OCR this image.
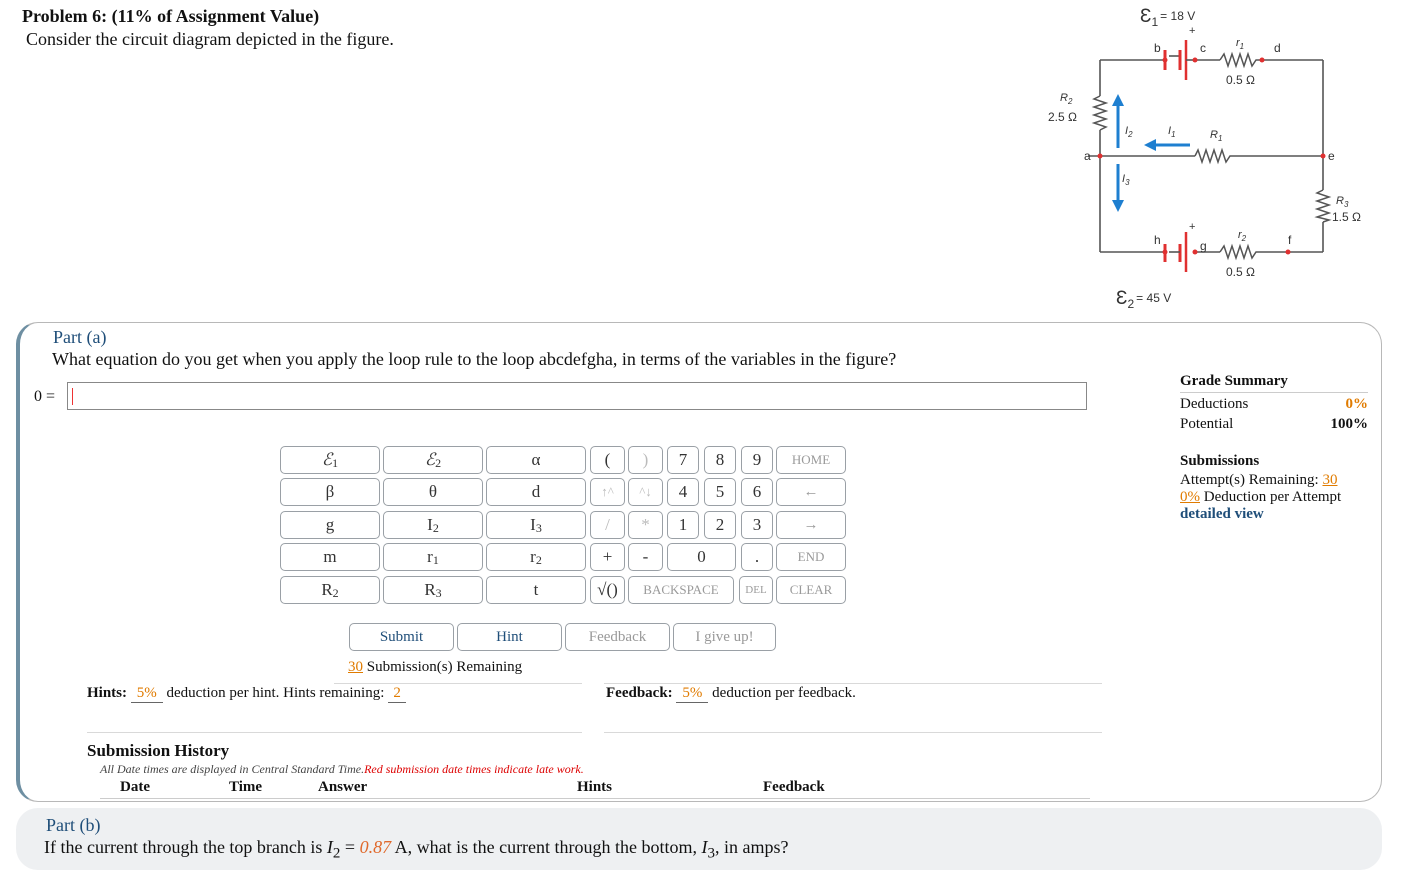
Problem 6: (11% of Assignment Value)
Consider the circuit diagram depicted in the figure.
$Ɛ_1$ $^{= 18 V}$
+
b	c	d
$r_1$
0.5 Ω
$R_2$
2.5 Ω
$I_2$	$I_1$	$R_1$
a	e
$I_3$
$R_3$
1.5 Ω
+
h	g	f
$r_2$
0.5 Ω
$Ɛ_2$ $^{= 45 V}$
Part (a)
What equation do you get when you apply the loop rule to the loop abcdefgha, in terms of the variables in the figure?
0 =
ℰ$_1$	ℰ$_2$	α
β	θ	d
g	$I_2$	$I_3$
m	$r_1$	$r_2$
$R_2$	$R_3$	t
(	)	7	8	9	HOME
↑^	^↓	4	5	6	←
/	*	1	2	3	→
+	-	0	.	END
√()	BACKSPACE	DEL	CLEAR
Submit	Hint	Feedback	I give up!
30 Submission(s) Remaining
Hints: 5% deduction per hint. Hints remaining: 2	Feedback: 5% deduction per feedback.
Submission History
All Date times are displayed in Central Standard Time.Red submission date times indicate late work.
Date	Time	Answer	Hints	Feedback
Grade Summary
Deductions	0%
Potential	100%
Submissions
Attempt(s) Remaining: 30
0% Deduction per Attempt
detailed view
Part (b)
If the current through the top branch is $I_2 = 0.87$ A, what is the current through the bottom, $I_3$, in amps?
